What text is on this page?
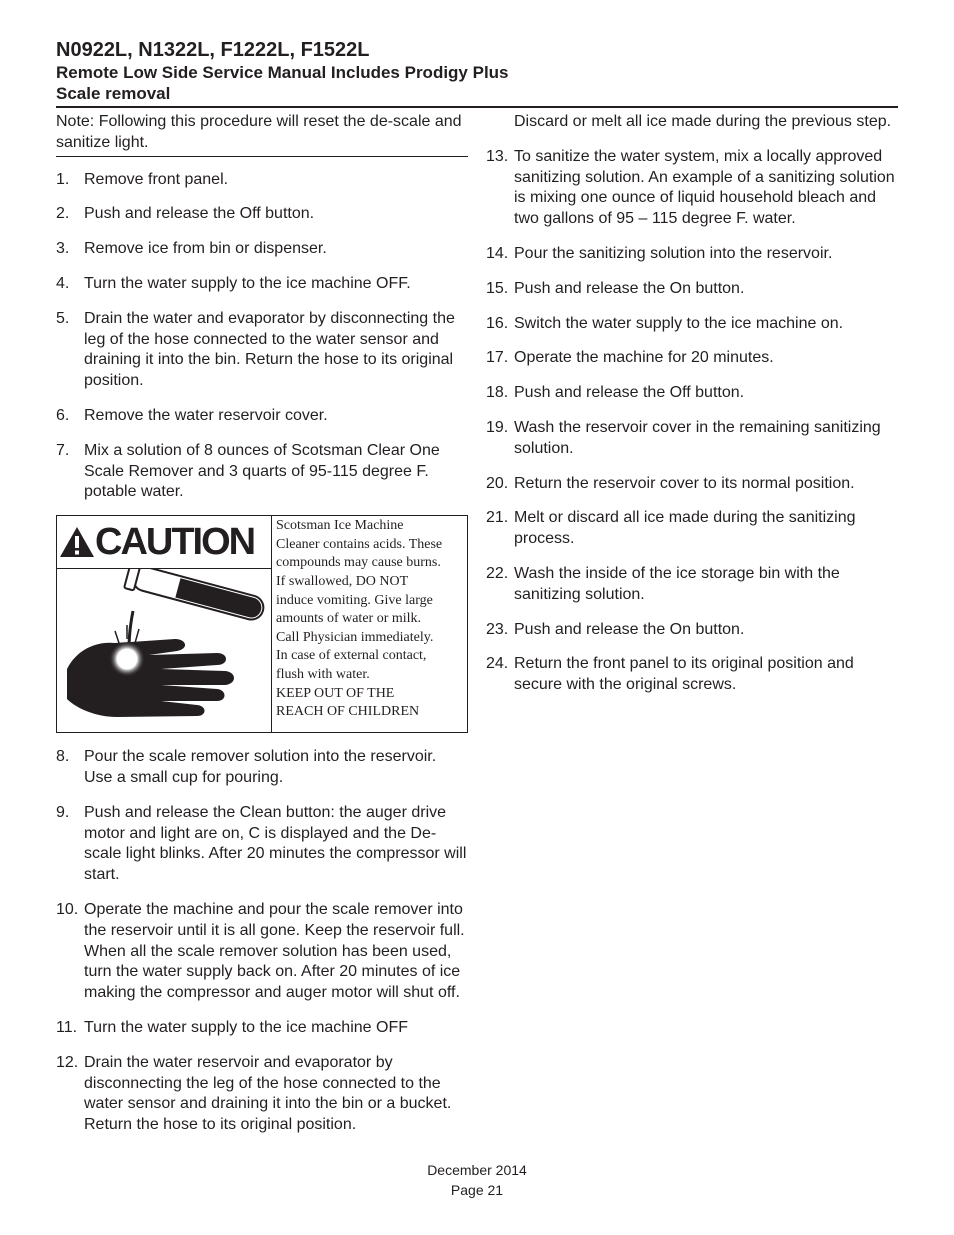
N0922L, N1322L, F1222L, F1522L
Remote Low Side Service Manual Includes Prodigy Plus
Scale removal
Note: Following this procedure will reset the de-scale and sanitize light.
1. Remove front panel.
2. Push and release the Off button.
3. Remove ice from bin or dispenser.
4. Turn the water supply to the ice machine OFF.
5. Drain the water and evaporator by disconnecting the leg of the hose connected to the water sensor and draining it into the bin. Return the hose to its original position.
6. Remove the water reservoir cover.
7. Mix a solution of 8 ounces of Scotsman Clear One Scale Remover and 3 quarts of 95-115 degree F. potable water.
CAUTION Scotsman Ice Machine
Cleaner contains acids. These
compounds may cause burns.
If swallowed, DO NOT
induce vomiting. Give large
amounts of water or milk.
Call Physician immediately.
In case of external contact,
flush with water.
KEEP OUT OF THE
REACH OF CHILDREN
8. Pour the scale remover solution into the reservoir. Use a small cup for pouring.
9. Push and release the Clean button: the auger drive motor and light are on, C is displayed and the De-scale light blinks. After 20 minutes the compressor will start.
10. Operate the machine and pour the scale remover into the reservoir until it is all gone. Keep the reservoir full. When all the scale remover solution has been used, turn the water supply back on. After 20 minutes of ice making the compressor and auger motor will shut off.
11. Turn the water supply to the ice machine OFF
12. Drain the water reservoir and evaporator by disconnecting the leg of the hose connected to the water sensor and draining it into the bin or a bucket. Return the hose to its original position.
Discard or melt all ice made during the previous step.
13. To sanitize the water system, mix a locally approved sanitizing solution. An example of a sanitizing solution is mixing one ounce of liquid household bleach and two gallons of 95 – 115 degree F. water.
14. Pour the sanitizing solution into the reservoir.
15. Push and release the On button.
16. Switch the water supply to the ice machine on.
17. Operate the machine for 20 minutes.
18. Push and release the Off button.
19. Wash the reservoir cover in the remaining sanitizing solution.
20. Return the reservoir cover to its normal position.
21. Melt or discard all ice made during the sanitizing process.
22. Wash the inside of the ice storage bin with the sanitizing solution.
23. Push and release the On button.
24. Return the front panel to its original position and secure with the original screws.
December 2014
Page 21
